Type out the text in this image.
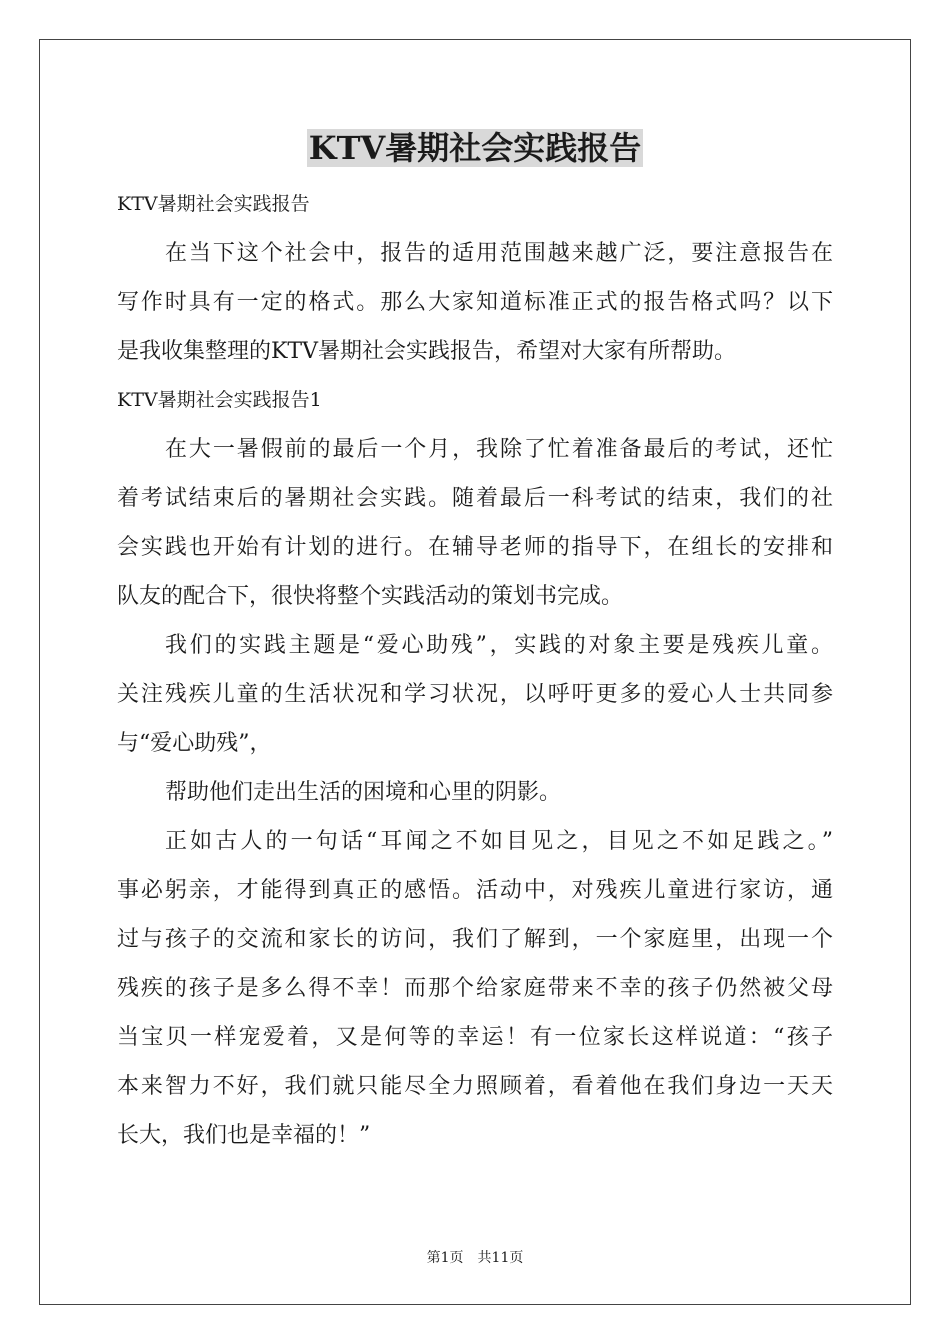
KTV暑期社会实践报告
KTV暑期社会实践报告
在当下这个社会中，报告的适用范围越来越广泛，要注意报告在
写作时具有一定的格式。那么大家知道标准正式的报告格式吗？以下
是我收集整理的KTV暑期社会实践报告，希望对大家有所帮助。
KTV暑期社会实践报告1
在大一暑假前的最后一个月，我除了忙着准备最后的考试，还忙
着考试结束后的暑期社会实践。随着最后一科考试的结束，我们的社
会实践也开始有计划的进行。在辅导老师的指导下，在组长的安排和
队友的配合下，很快将整个实践活动的策划书完成。
我们的实践主题是“爱心助残”，实践的对象主要是残疾儿童。
关注残疾儿童的生活状况和学习状况，以呼吁更多的爱心人士共同参
与“爱心助残”，
帮助他们走出生活的困境和心里的阴影。
正如古人的一句话“耳闻之不如目见之，目见之不如足践之。”
事必躬亲，才能得到真正的感悟。活动中，对残疾儿童进行家访，通
过与孩子的交流和家长的访问，我们了解到，一个家庭里，出现一个
残疾的孩子是多么得不幸！而那个给家庭带来不幸的孩子仍然被父母
当宝贝一样宠爱着，又是何等的幸运！有一位家长这样说道：“孩子
本来智力不好，我们就只能尽全力照顾着，看着他在我们身边一天天
长大，我们也是幸福的！”
第1页 共11页
